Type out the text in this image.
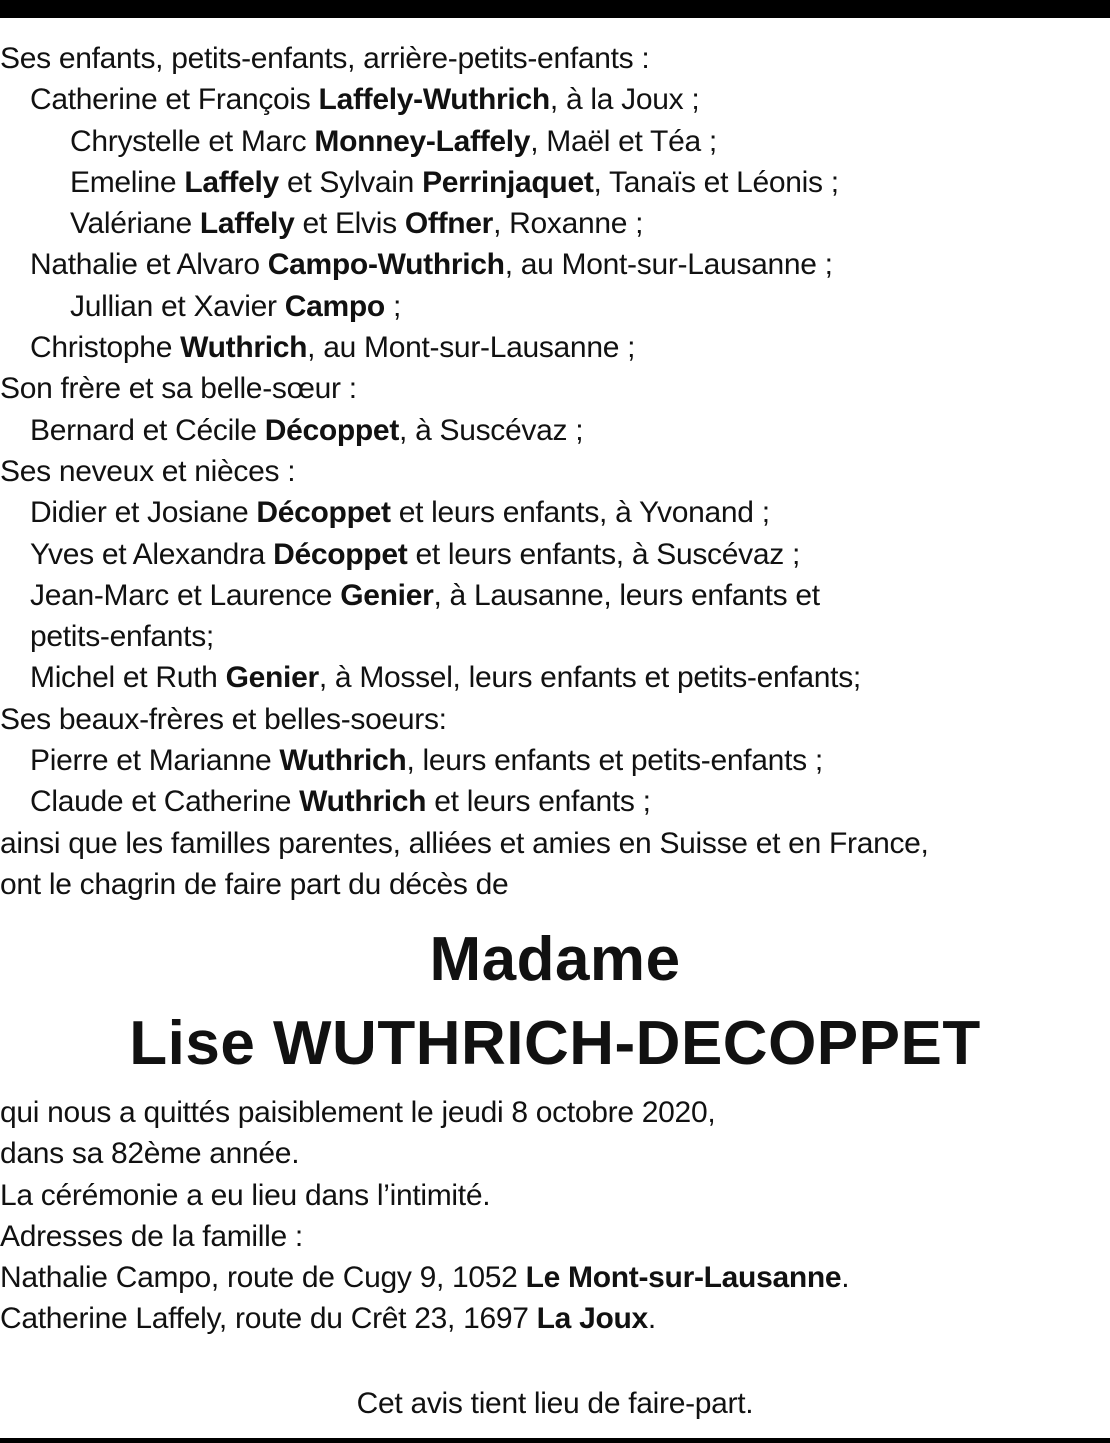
Ses enfants, petits-enfants, arrière-petits-enfants :
Catherine et François Laffely-Wuthrich, à la Joux ;
Chrystelle et Marc Monney-Laffely, Maël et Téa ;
Emeline Laffely et Sylvain Perrinjaquet, Tanaïs et Léonis ;
Valériane Laffely et Elvis Offner, Roxanne ;
Nathalie et Alvaro Campo-Wuthrich, au Mont-sur-Lausanne ;
Jullian et Xavier Campo ;
Christophe Wuthrich, au Mont-sur-Lausanne ;
Son frère et sa belle-sœur :
Bernard et Cécile Décoppet, à Suscévaz ;
Ses neveux et nièces :
Didier et Josiane Décoppet et leurs enfants, à Yvonand ;
Yves et Alexandra Décoppet et leurs enfants, à Suscévaz ;
Jean-Marc et Laurence Genier, à Lausanne, leurs enfants et
petits-enfants;
Michel et Ruth Genier, à Mossel, leurs enfants et petits-enfants;
Ses beaux-frères et belles-soeurs:
Pierre et Marianne Wuthrich, leurs enfants et petits-enfants ;
Claude et Catherine Wuthrich et leurs enfants ;
ainsi que les familles parentes, alliées et amies en Suisse et en France,
ont le chagrin de faire part du décès de
Madame
Lise WUTHRICH-DECOPPET
qui nous a quittés paisiblement le jeudi 8 octobre 2020,
dans sa 82ème année.
La cérémonie a eu lieu dans l’intimité.
Adresses de la famille :
Nathalie Campo, route de Cugy 9, 1052 Le Mont-sur-Lausanne.
Catherine Laffely, route du Crêt 23, 1697 La Joux.
Cet avis tient lieu de faire-part.
